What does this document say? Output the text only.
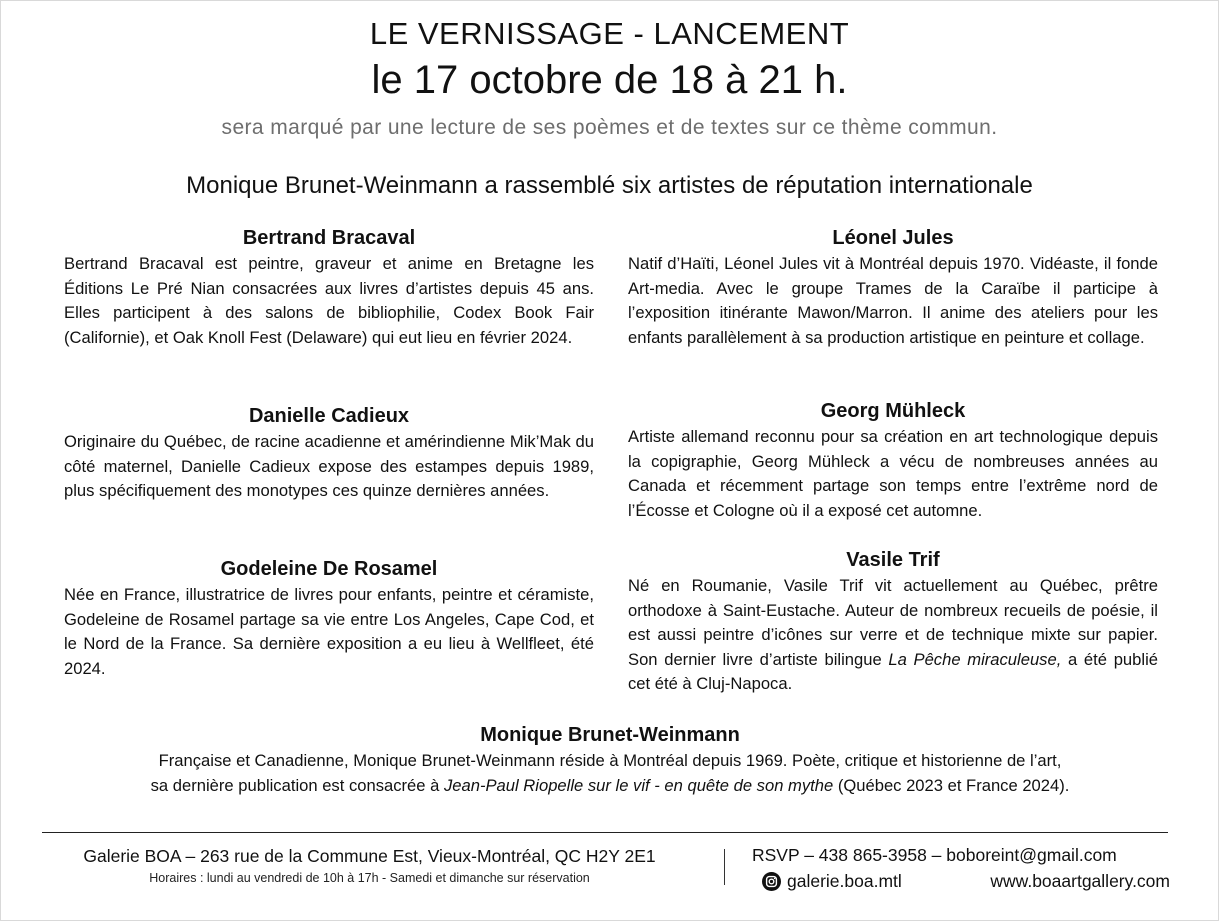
LE VERNISSAGE - LANCEMENT
le 17 octobre de 18 à 21 h.
sera marqué par une lecture de ses poèmes et de textes sur ce thème commun.
Monique Brunet-Weinmann a rassemblé six artistes de réputation internationale
Bertrand Bracaval

Bertrand Bracaval est peintre, graveur et anime en Bretagne les Éditions Le Pré Nian consacrées aux livres d’artistes depuis 45 ans. Elles participent à des salons de bibliophilie, Codex Book Fair (Californie), et Oak Knoll Fest (Delaware) qui eut lieu en février 2024.

Danielle Cadieux

Originaire du Québec, de racine acadienne et amérindienne Mik’Mak du côté maternel, Danielle Cadieux expose des estampes depuis 1989, plus spécifiquement des monotypes ces quinze dernières années.

Godeleine De Rosamel

Née en France, illustratrice de livres pour enfants, peintre et céramiste, Godeleine de Rosamel partage sa vie entre Los Angeles, Cape Cod, et le Nord de la France. Sa dernière exposition a eu lieu à Wellfleet, été 2024.

Léonel Jules

Natif d’Haïti, Léonel Jules vit à Montréal depuis 1970. Vidéaste, il fonde Art-media. Avec le groupe Trames de la Caraïbe il participe à l’exposition itinérante Mawon/Marron. Il anime des ateliers pour les enfants parallèlement à sa production artistique en peinture et collage.

Georg Mühleck

Artiste allemand reconnu pour sa création en art technologique depuis la copigraphie, Georg Mühleck a vécu de nombreuses années au Canada et récemment partage son temps entre l’extrême nord de l’Écosse et Cologne où il a exposé cet automne.

Vasile Trif

Né en Roumanie, Vasile Trif vit actuellement au Québec, prêtre orthodoxe à Saint-Eustache. Auteur de nombreux recueils de poésie, il est aussi peintre d’icônes sur verre et de technique mixte sur papier. Son dernier livre d’artiste bilingue La Pêche miraculeuse, a été publié cet été à Cluj-Napoca.

Monique Brunet-Weinmann

Française et Canadienne, Monique Brunet-Weinmann réside à Montréal depuis 1969. Poète, critique et historienne de l’art,
sa dernière publication est consacrée à Jean-Paul Riopelle sur le vif - en quête de son mythe (Québec 2023 et France 2024).

Galerie BOA – 263 rue de la Commune Est, Vieux-Montréal, QC H2Y 2E1
Horaires : lundi au vendredi de 10h à 17h - Samedi et dimanche sur réservation
RSVP – 438 865-3958 – boboreint@gmail.com
galerie.boa.mtl	www.boaartgallery.com
